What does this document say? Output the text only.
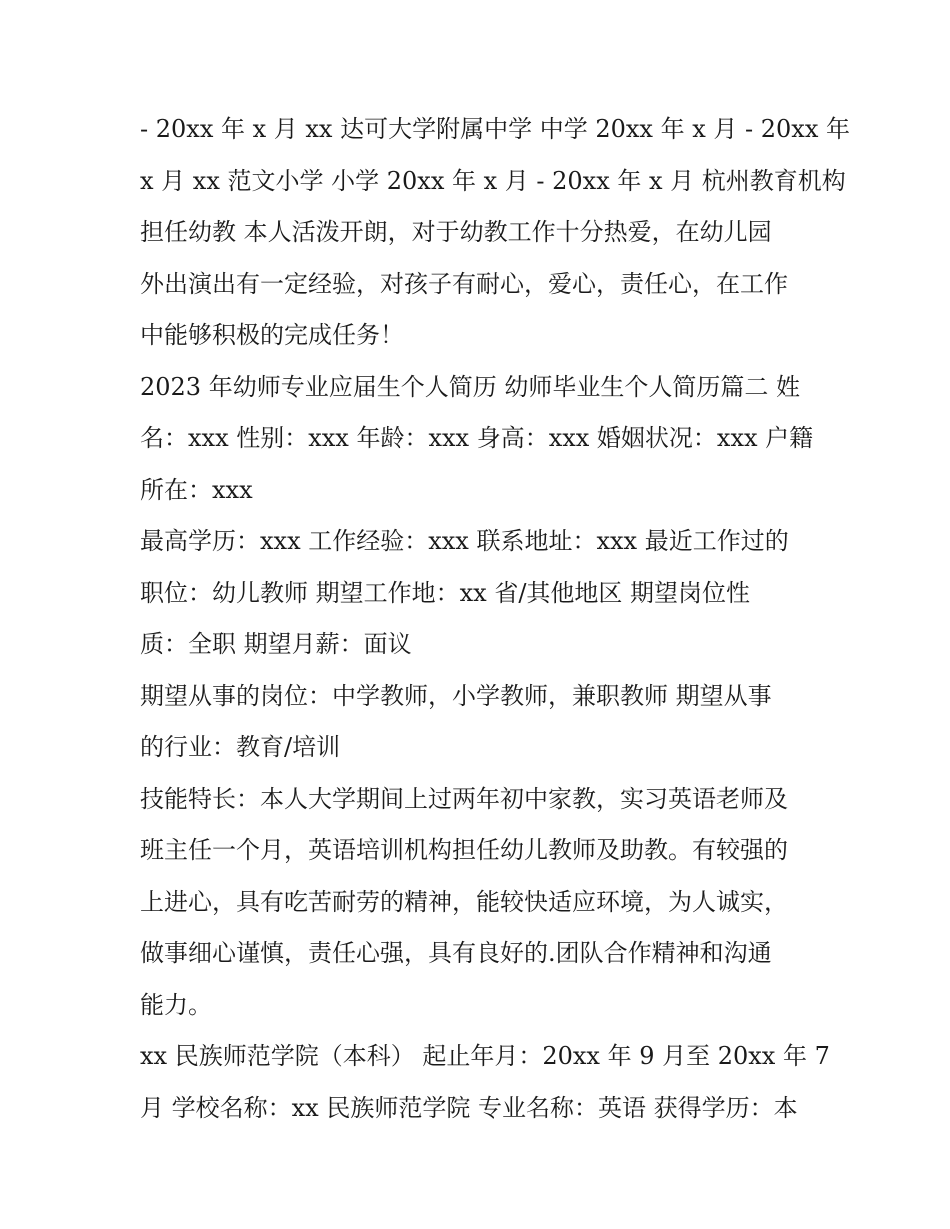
- 20xx 年 x 月 xx 达可大学附属中学 中学 20xx 年 x 月 - 20xx 年
x 月 xx 范文小学 小学 20xx 年 x 月 - 20xx 年 x 月 杭州教育机构
担任幼教 本人活泼开朗，对于幼教工作十分热爱，在幼儿园
外出演出有一定经验，对孩子有耐心，爱心，责任心，在工作
中能够积极的完成任务！
2023 年幼师专业应届生个人简历 幼师毕业生个人简历篇二 姓
名：xxx 性别：xxx 年龄：xxx 身高：xxx 婚姻状况：xxx 户籍
所在：xxx
最高学历：xxx 工作经验：xxx 联系地址：xxx 最近工作过的
职位：幼儿教师 期望工作地：xx 省/其他地区 期望岗位性
质：全职 期望月薪：面议
期望从事的岗位：中学教师，小学教师，兼职教师 期望从事
的行业：教育/培训
技能特长：本人大学期间上过两年初中家教，实习英语老师及
班主任一个月，英语培训机构担任幼儿教师及助教。有较强的
上进心，具有吃苦耐劳的精神，能较快适应环境，为人诚实，
做事细心谨慎，责任心强，具有良好的.团队合作精神和沟通
能力。
xx 民族师范学院（本科） 起止年月：20xx 年 9 月至 20xx 年 7
月 学校名称：xx 民族师范学院 专业名称：英语 获得学历：本
